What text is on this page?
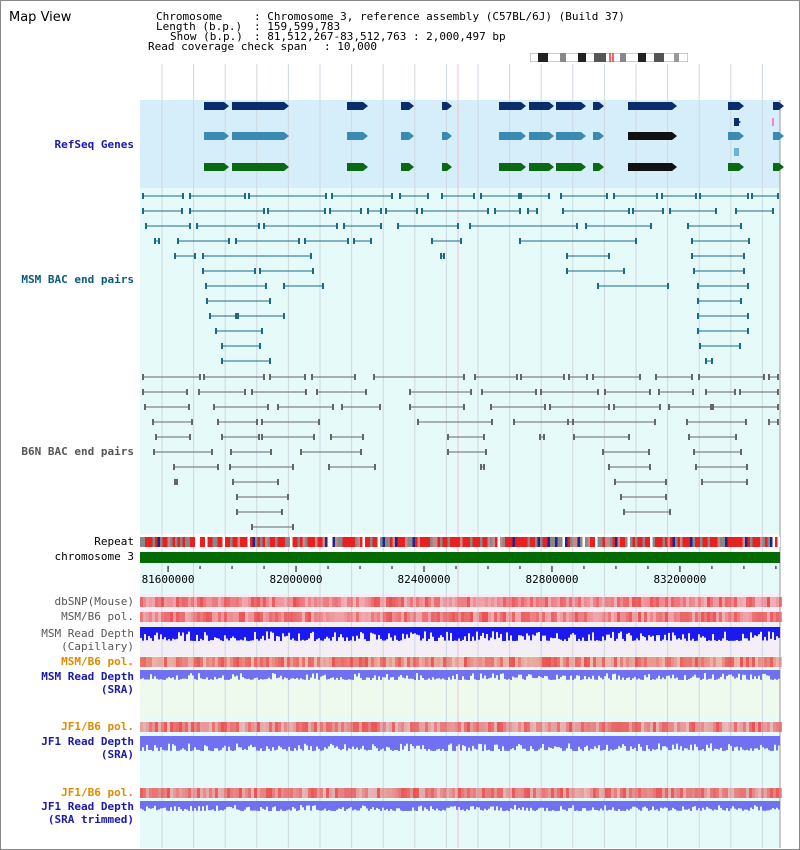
Map View

	Chromosome

	: Chromosome 3, reference assembly (C57BL/6J) (Build 37)

Length (b.p.)

: 159,599,783

Show (b.p.)

: 81,512,267-83,512,763 : 2,000,497 bp

Read coverage check span

: 10,000

81600000	82000000	82400000	82800000	83200000
RefSeq Genes
MSM BAC end pairs
B6N BAC end pairs
Repeat
chromosome 3
dbSNP(Mouse)
MSM/B6 pol.
MSM Read Depth
(Capillary)
MSM/B6 pol.
MSM Read Depth
(SRA)
JF1/B6 pol.
JF1 Read Depth
(SRA)
JF1/B6 pol.
JF1 Read Depth
(SRA trimmed)
